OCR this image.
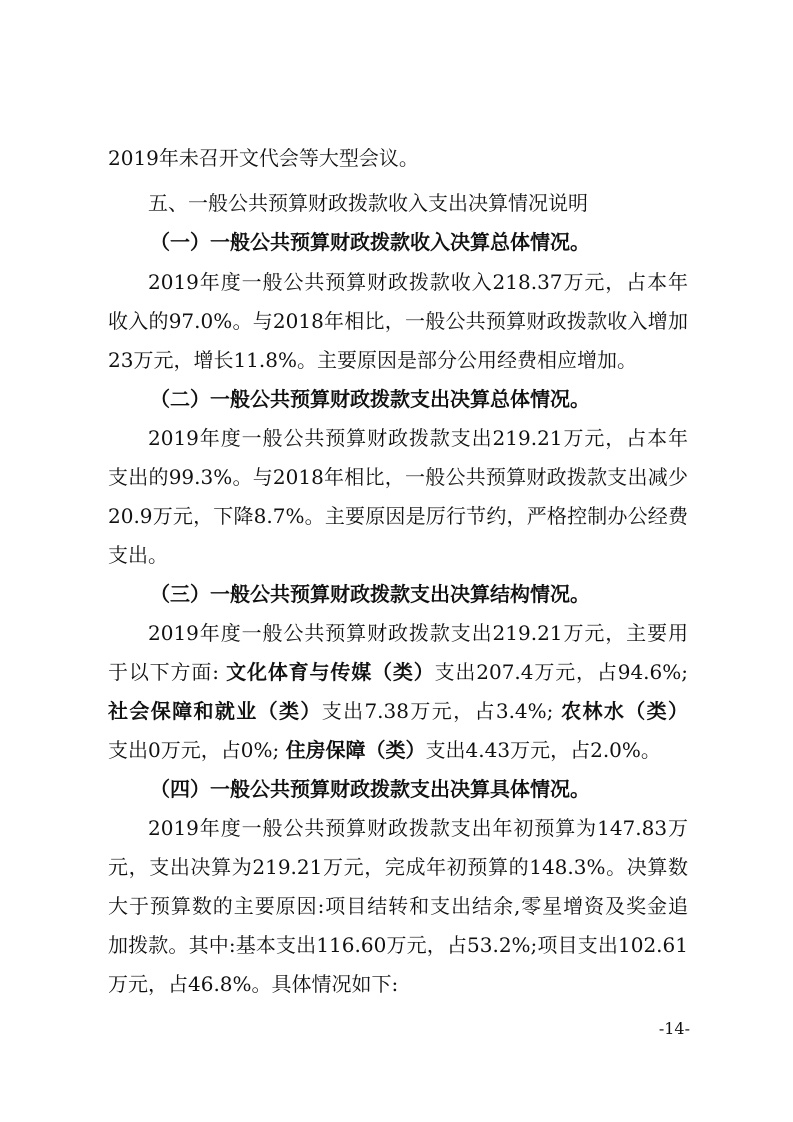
2019年未召开文代会等大型会议。
五、一般公共预算财政拨款收入支出决算情况说明
（一）一般公共预算财政拨款收入决算总体情况。
2019年度一般公共预算财政拨款收入218.37万元，占本年
收入的97.0%。与2018年相比，一般公共预算财政拨款收入增加
23万元，增长11.8%。主要原因是部分公用经费相应增加。
（二）一般公共预算财政拨款支出决算总体情况。
2019年度一般公共预算财政拨款支出219.21万元，占本年
支出的99.3%。与2018年相比，一般公共预算财政拨款支出减少
20.9万元，下降8.7%。主要原因是厉行节约，严格控制办公经费
支出。
（三）一般公共预算财政拨款支出决算结构情况。
2019年度一般公共预算财政拨款支出219.21万元，主要用
于以下方面: 文化体育与传媒（类）支出207.4万元，占94.6%;
社会保障和就业（类）支出7.38万元，占3.4%; 农林水（类）
支出0万元，占0%; 住房保障（类）支出4.43万元，占2.0%。
（四）一般公共预算财政拨款支出决算具体情况。
2019年度一般公共预算财政拨款支出年初预算为147.83万
元，支出决算为219.21万元，完成年初预算的148.3%。决算数
大于预算数的主要原因:项目结转和支出结余,零星增资及奖金追
加拨款。其中:基本支出116.60万元，占53.2%;项目支出102.61
万元，占46.8%。具体情况如下:
-14-
